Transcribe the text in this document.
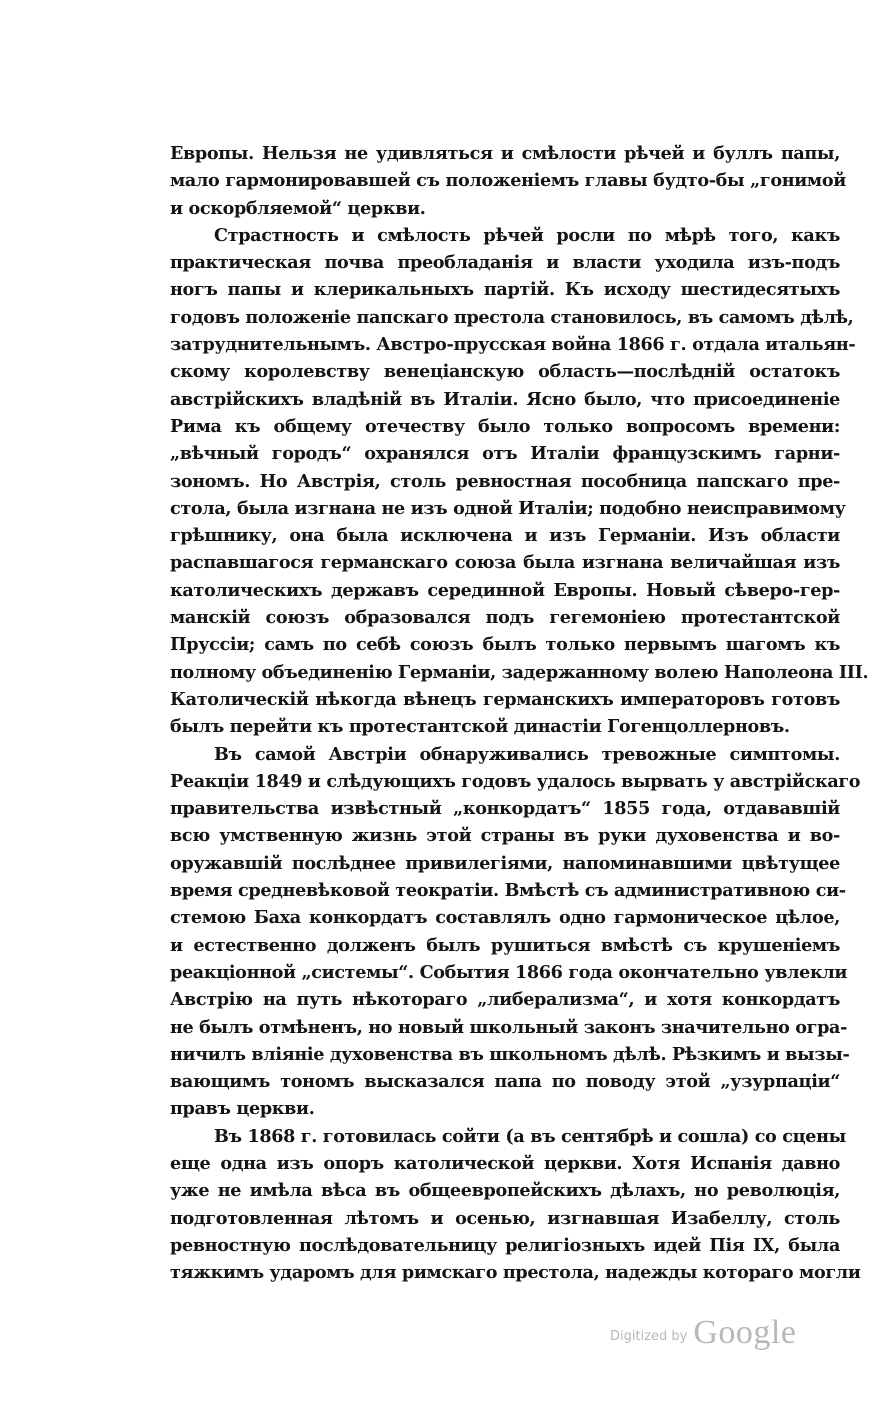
Европы. Нельзя не удивляться и смѣлости рѣчей и буллъ папы,
мало гармонировавшей съ положенiемъ главы будто-бы „гонимой
и оскорбляемой“ церкви.
Страстность и смѣлость рѣчей росли по мѣрѣ того, какъ
практическая почва преобладанiя и власти уходила изъ-подъ
ногъ папы и клерикальныхъ партiй. Къ исходу шестидесятыхъ
годовъ положенiе папскаго престола становилось, въ самомъ дѣлѣ,
затруднительнымъ. Австро-прусская война 1866 г. отдала итальян-
скому королевству венецiанскую область—послѣднiй остатокъ
австрiйскихъ владѣнiй въ Италiи. Ясно было, что присоединенiе
Рима къ общему отечеству было только вопросомъ времени:
„вѣчный городъ“ охранялся отъ Италiи французскимъ гарни-
зономъ. Но Австрiя, столь ревностная пособница папскаго пре-
стола, была изгнана не изъ одной Италiи; подобно неисправимому
грѣшнику, она была исключена и изъ Германiи. Изъ области
распавшагося германскаго союза была изгнана величайшая изъ
католическихъ державъ серединной Европы. Новый сѣверо-гер-
манскiй союзъ образовался подъ гегемонiею протестантской
Пруссiи; самъ по себѣ союзъ былъ только первымъ шагомъ къ
полному объединенiю Германiи, задержанному волею Наполеона III.
Католическiй нѣкогда вѣнецъ германскихъ императоровъ готовъ
былъ перейти къ протестантской династiи Гогенцоллерновъ.
Въ самой Австрiи обнаруживались тревожные симптомы.
Реакцiи 1849 и слѣдующихъ годовъ удалось вырвать у австрiйскаго
правительства извѣстный „конкордатъ“ 1855 года, отдававшiй
всю умственную жизнь этой страны въ руки духовенства и во-
оружавшiй послѣднее привилегiями, напоминавшими цвѣтущее
время средневѣковой теократiи. Вмѣстѣ съ административною си-
стемою Баха конкордатъ составлялъ одно гармоническое цѣлое,
и естественно долженъ былъ рушиться вмѣстѣ съ крушенiемъ
реакцiонной „системы“. События 1866 года окончательно увлекли
Австрiю на путь нѣкотораго „либерализма“, и хотя конкордатъ
не былъ отмѣненъ, но новый школьный законъ значительно огра-
ничилъ влiянiе духовенства въ школьномъ дѣлѣ. Рѣзкимъ и вызы-
вающимъ тономъ высказался папа по поводу этой „узурпацiи“
правъ церкви.
Въ 1868 г. готовилась сойти (а въ сентябрѣ и сошла) со сцены
еще одна изъ опоръ католической церкви. Хотя Испанiя давно
уже не имѣла вѣса въ общеевропейскихъ дѣлахъ, но революцiя,
подготовленная лѣтомъ и осенью, изгнавшая Изабеллу, столь
ревностную послѣдовательницу религiозныхъ идей Пiя IX, была
тяжкимъ ударомъ для римскаго престола, надежды котораго могли
Digitized by Google
